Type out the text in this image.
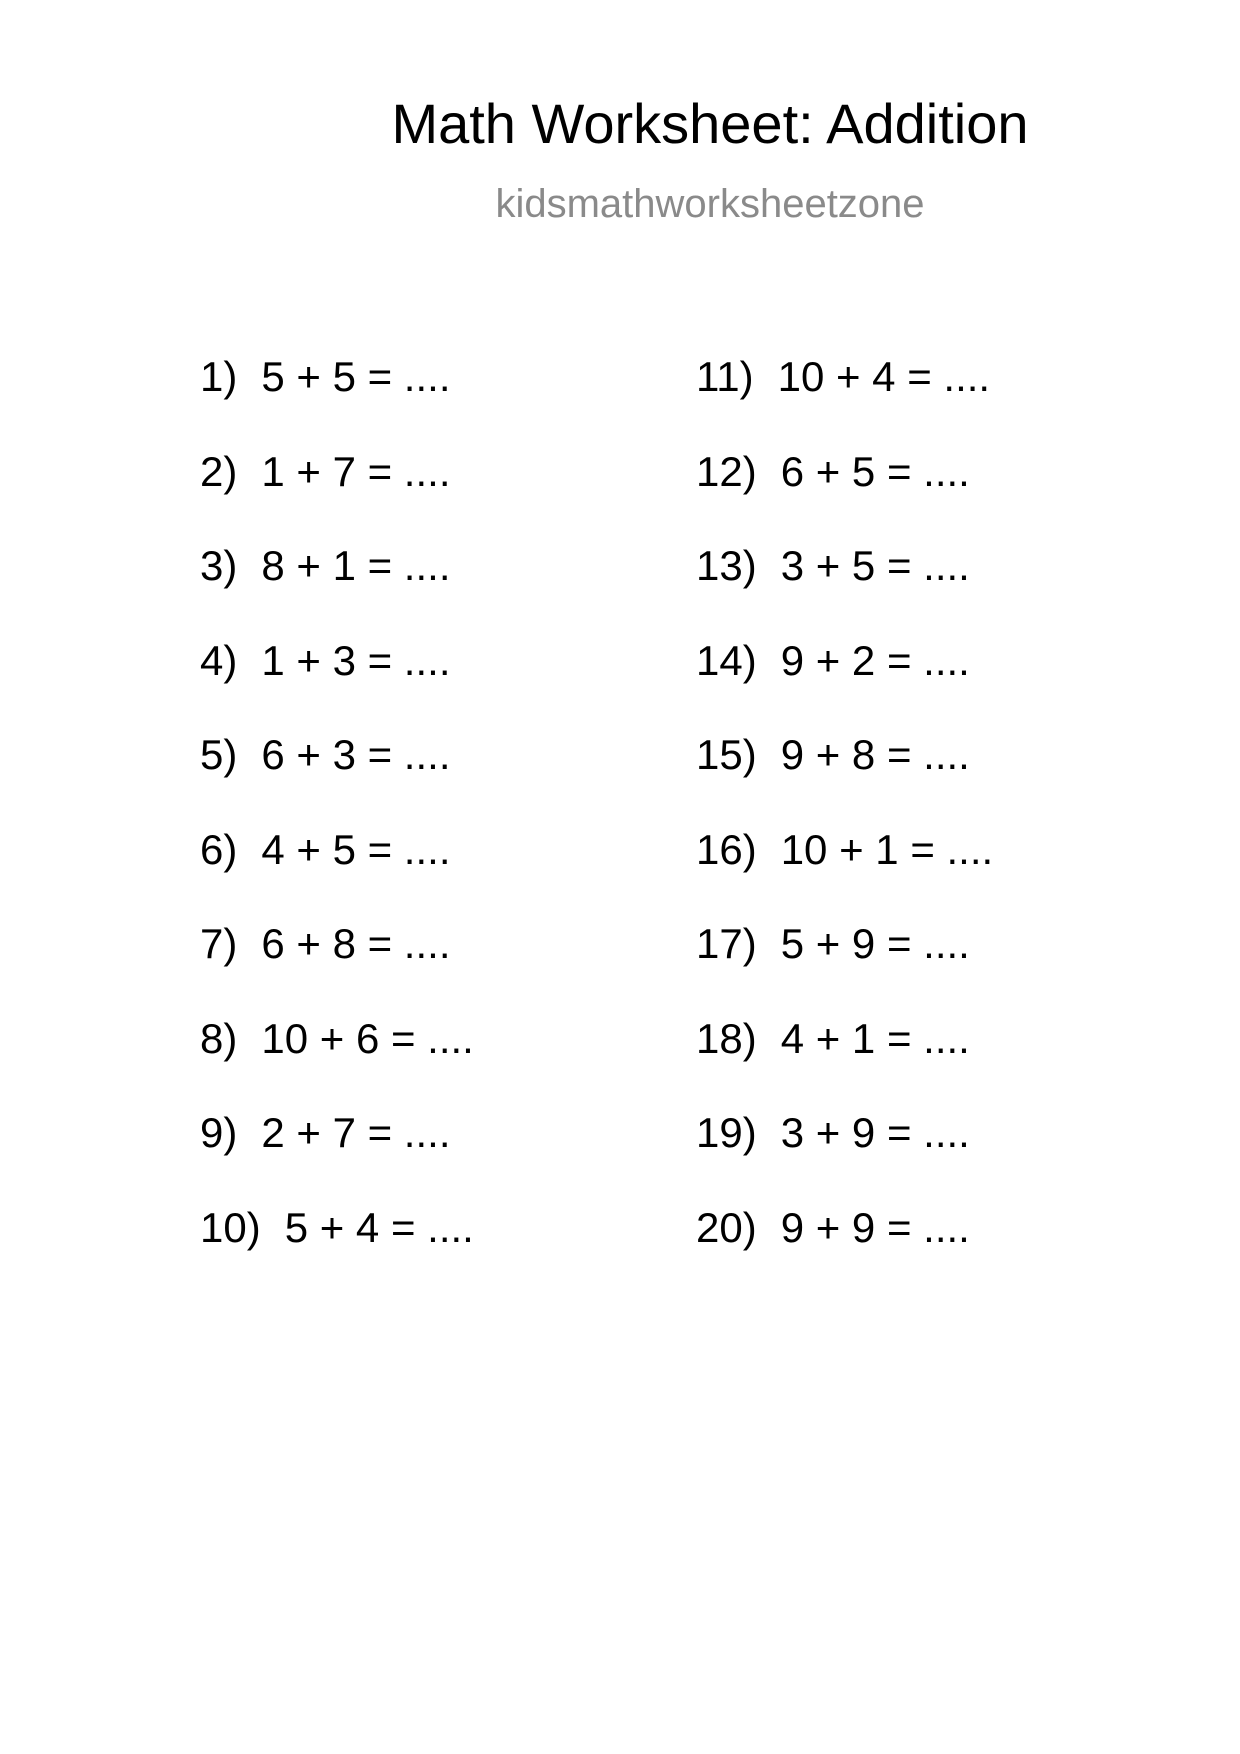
Math Worksheet: Addition
kidsmathworksheetzone
1) 5 + 5 = ....
2) 1 + 7 = ....
3) 8 + 1 = ....
4) 1 + 3 = ....
5) 6 + 3 = ....
6) 4 + 5 = ....
7) 6 + 8 = ....
8) 10 + 6 = ....
9) 2 + 7 = ....
10) 5 + 4 = ....
11) 10 + 4 = ....
12) 6 + 5 = ....
13) 3 + 5 = ....
14) 9 + 2 = ....
15) 9 + 8 = ....
16) 10 + 1 = ....
17) 5 + 9 = ....
18) 4 + 1 = ....
19) 3 + 9 = ....
20) 9 + 9 = ....
